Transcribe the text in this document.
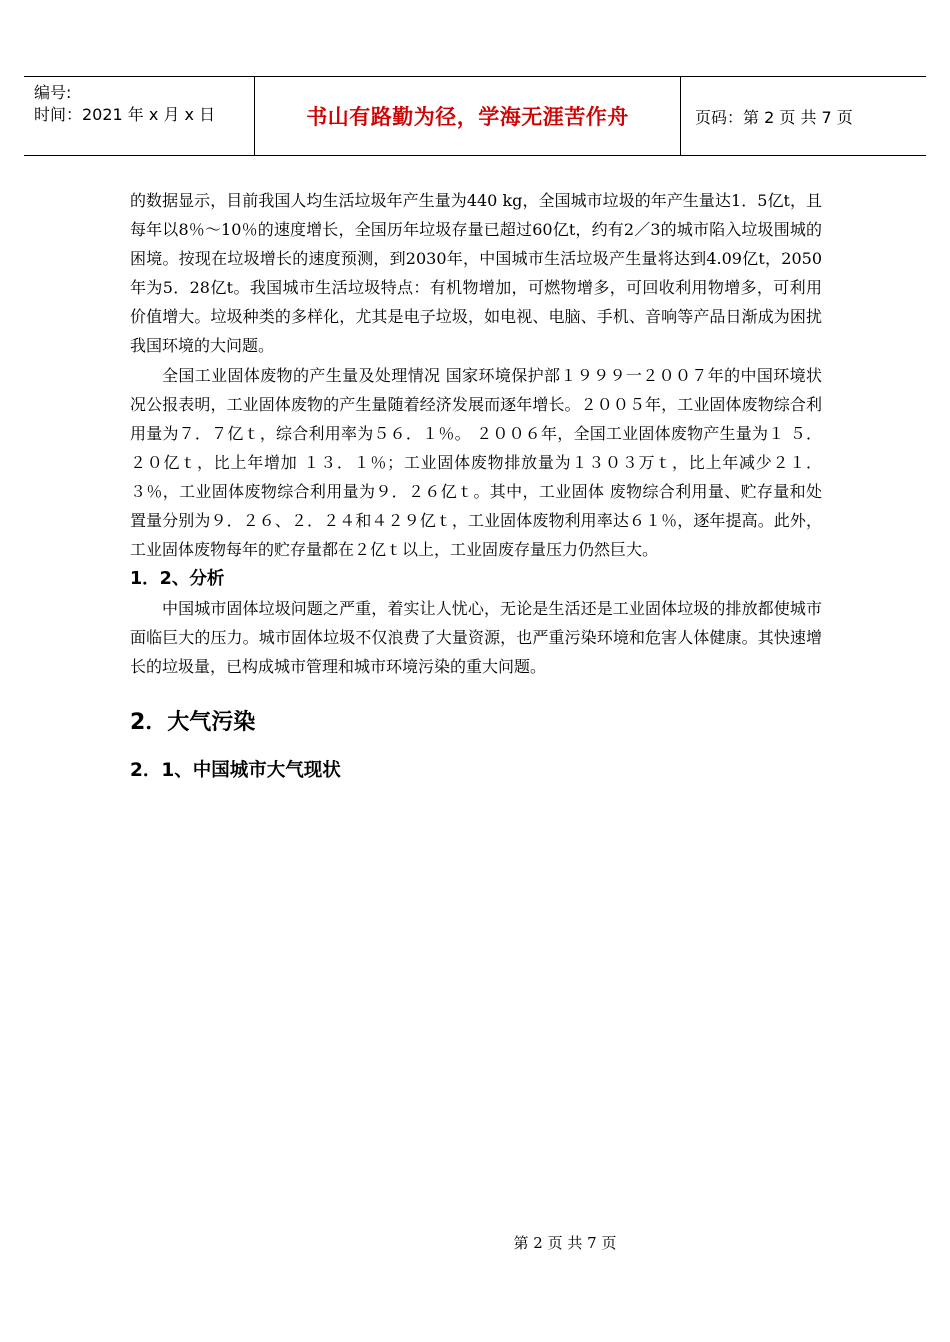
编号:
时间：2021 年 x 月 x 日	书山有路勤为径，学海无涯苦作舟	页码：第 2 页 共 7 页

的数据显示，目前我国人均生活垃圾年产生量为440 kg，全国城市垃圾的年产生量达1．5亿t，且每年以8％～10％的速度增长，全国历年垃圾存量已超过60亿t，约有2／3的城市陷入垃圾围城的困境。按现在垃圾增长的速度预测，到2030年，中国城市生活垃圾产生量将达到4.09亿t，2050年为5．28亿t。我国城市生活垃圾特点：有机物增加，可燃物增多，可回收利用物增多，可利用价值增大。垃圾种类的多样化，尤其是电子垃圾，如电视、电脑、手机、音响等产品日渐成为困扰我国环境的大问题。

全国工业固体废物的产生量及处理情况 国家环境保护部１９９９一２００７年的中国环境状况公报表明，工业固体废物的产生量随着经济发展而逐年增长。２００５年，工业固体废物综合利用量为７．７亿ｔ，综合利用率为５６．１％。 ２００６年，全国工业固体废物产生量为１ ５．２０亿ｔ，比上年增加 １３．１％；工业固体废物排放量为１３０３万ｔ，比上年减少２１．３％，工业固体废物综合利用量为９．２６亿ｔ。其中，工业固体 废物综合利用量、贮存量和处置量分别为９．２６、２．２４和４２９亿ｔ，工业固体废物利用率达６１％，逐年提高。此外，工业固体废物每年的贮存量都在２亿ｔ以上，工业固废存量压力仍然巨大。

1．2、分析

中国城市固体垃圾问题之严重，着实让人忧心，无论是生活还是工业固体垃圾的排放都使城市面临巨大的压力。城市固体垃圾不仅浪费了大量资源，也严重污染环境和危害人体健康。其快速增长的垃圾量，已构成城市管理和城市环境污染的重大问题。

2．大气污染

2．1、中国城市大气现状

第 2 页 共 7 页
